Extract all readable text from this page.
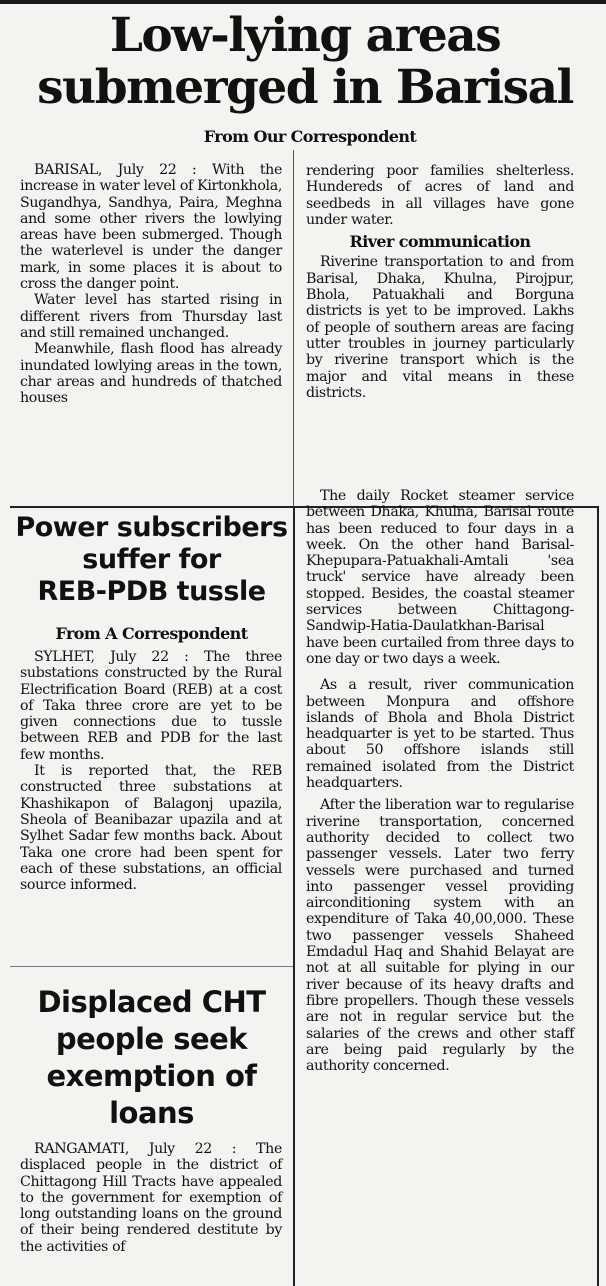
Low-lying areas
submerged in Barisal
From Our Correspondent

BARISAL, July 22 : With the increase in water level of Kirtonkhola, Sugandhya, Sandhya, Paira, Meghna and some other rivers the lowlying areas have been submerged. Though the waterlevel is under the danger mark, in some places it is about to cross the danger point.

Water level has started rising in different rivers from Thursday last and still remained unchanged.

Meanwhile, flash flood has already inundated lowlying areas in the town, char areas and hundreds of thatched houses

rendering poor families shelterless. Hundereds of acres of land and seedbeds in all villages have gone under water.

River communication

Riverine transportation to and from Barisal, Dhaka, Khulna, Pirojpur, Bhola, Patuakhali and Borguna districts is yet to be improved. Lakhs of people of southern areas are facing utter troubles in journey particularly by riverine transport which is the major and vital means in these districts.

The daily Rocket steamer service between Dhaka, Khulna, Barisal route has been reduced to four days in a week. On the other hand Barisal-Khepupara-Patuakhali-Amtali 'sea truck' service have already been stopped. Besides, the coastal steamer services between Chittagong-Sandwip-Hatia-Daulatkhan-Barisal have been curtailed from three days to one day or two days a week.

As a result, river communication between Monpura and offshore islands of Bhola and Bhola District headquarter is yet to be started. Thus about 50 offshore islands still remained isolated from the District headquarters.

After the liberation war to regularise riverine transportation, concerned authority decided to collect two passenger vessels. Later two ferry vessels were purchased and turned into passenger vessel providing airconditioning system with an expenditure of Taka 40,00,000. These two passenger vessels Shaheed Emdadul Haq and Shahid Belayat are not at all suitable for plying in our river because of its heavy drafts and fibre propellers. Though these vessels are not in regular service but the salaries of the crews and other staff are being paid regularly by the authority concerned.

Power subscribers
suffer for
REB-PDB tussle
From A Correspondent

SYLHET, July 22 : The three substations constructed by the Rural Electrification Board (REB) at a cost of Taka three crore are yet to be given connections due to tussle between REB and PDB for the last few months.

It is reported that, the REB constructed three substations at Khashikapon of Balagonj upazila, Sheola of Beanibazar upazila and at Sylhet Sadar few months back. About Taka one crore had been spent for each of these substations, an official source informed.

Displaced CHT
people seek
exemption of
loans

RANGAMATI, July 22 : The displaced people in the district of Chittagong Hill Tracts have appealed to the government for exemption of long outstanding loans on the ground of their being rendered destitute by the activities of
